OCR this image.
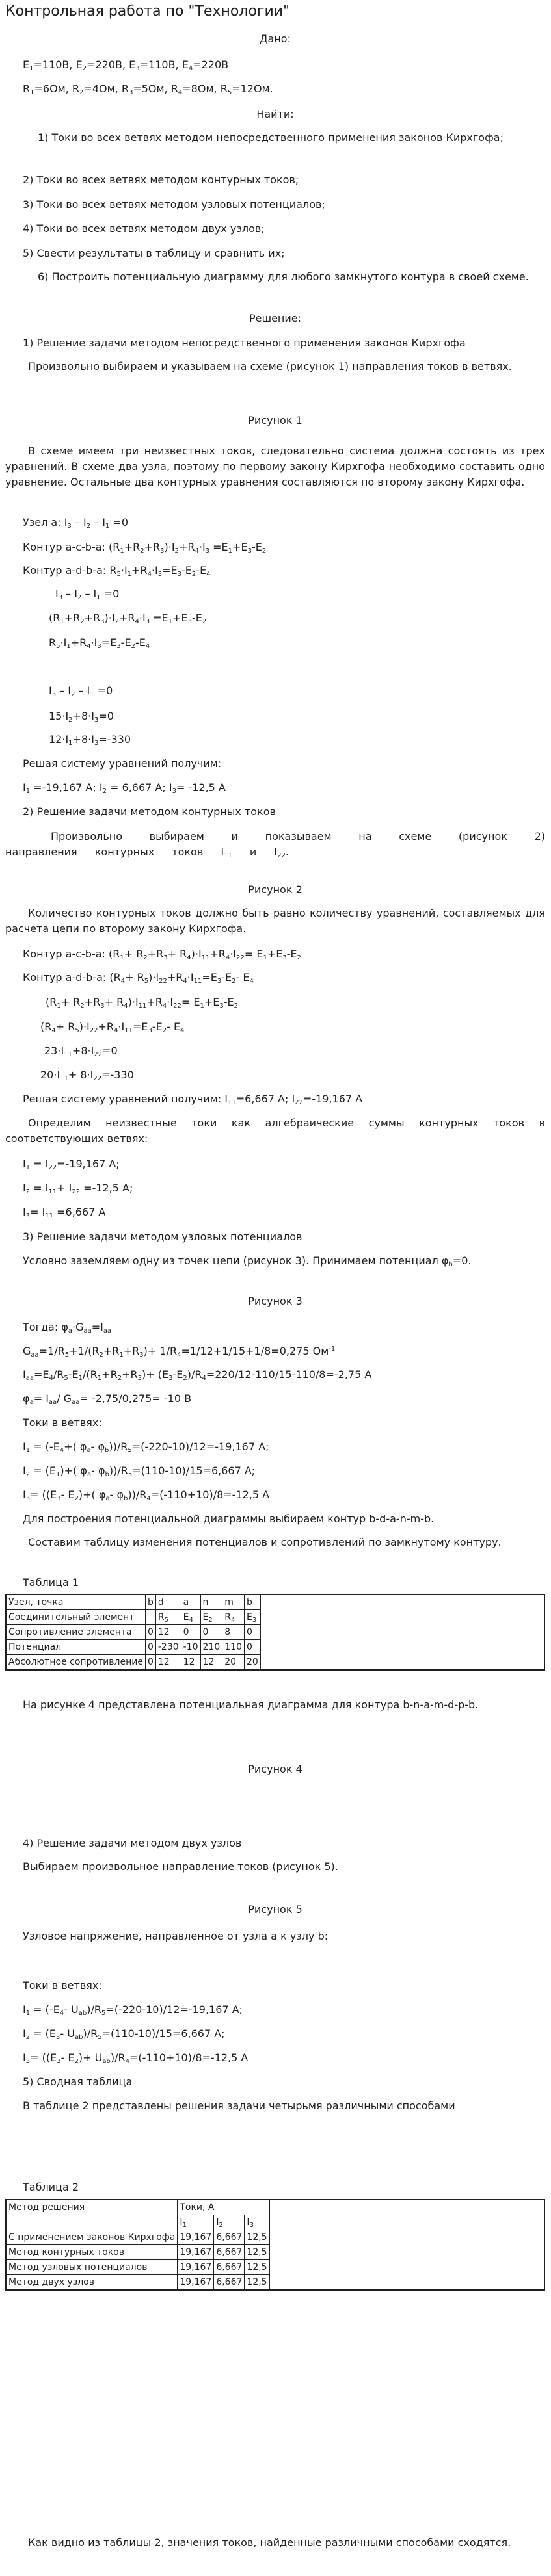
Контрольная работа по "Технологии"
Дано:
$E_1=110В$, $E_2=220В$, $E_3=110В$, $E_4=220В$
$R_1=6Ом$, $R_2=4Ом$, $R_3=5Ом$, $R_4=8Ом$, $R_5=12Ом$.
Найти:
1) Токи во всех ветвях методом непосредственного применения законов Кирхгофа;
2) Токи во всех ветвях методом контурных токов;
3) Токи во всех ветвях методом узловых потенциалов;
4) Токи во всех ветвях методом двух узлов;
5) Свести результаты в таблицу и сравнить их;
6) Построить потенциальную диаграмму для любого замкнутого контура в своей схеме.
Решение:
1) Решение задачи методом непосредственного применения законов Кирхгофа
Произвольно выбираем и указываем на схеме (рисунок 1) направления токов в ветвях.
Рисунок 1
В схеме имеем три неизвестных токов, следовательно система должна состоять из трех уравнений. В схеме два узла, поэтому по первому закону Кирхгофа необходимо составить одно уравнение. Остальные два контурных уравнения составляются по второму закону Кирхгофа.
Узел а: $I_3 - I_2 - I_1 =0$
Контур a-c-b-a: $(R_1+R_2+R_3)\cdot I_2+R_4\cdot I_3 =E_1+E_3-E_2$
Контур a-d-b-a: $R_5\cdot I_1+R_4\cdot I_3=E_3-E_2-E_4$
$I_3 - I_2 - I_1 =0$
$(R_1+R_2+R_3)\cdot I_2+R_4\cdot I_3 =E_1+E_3-E_2$
$R_5\cdot I_1+R_4\cdot I_3=E_3-E_2-E_4$
$I_3 - I_2 - I_1 =0$
$15\cdot I_2+8\cdot I_3=0$
$12\cdot I_1+8\cdot I_3=-330$
Решая систему уравнений получим:
$I_1 =-19,167$ A; $I_2 = 6,667$ A; $I_3= -12,5$ A
2) Решение задачи методом контурных токов
Произвольно выбираем и показываем на схеме (рисунок 2) направления контурных токов $I_{11}$ и $I_{22}$.
Рисунок 2
Количество контурных токов должно быть равно количеству уравнений, составляемых для расчета цепи по второму закону Кирхгофа.
Контур a-c-b-a: $(R_1+ R_2+R_3+ R_4)\cdot I_{11}+R_4\cdot I_{22}= E_1+E_3-E_2$
Контур a-d-b-a: $(R_4+ R_5)\cdot I_{22}+R_4\cdot I_{11}=E_3-E_2-$ $E_4$
$(R_1+ R_2+R_3+ R_4)\cdot I_{11}+R_4\cdot I_{22}= E_1+E_3-E_2$
$(R_4+ R_5)\cdot I_{22}+R_4\cdot I_{11}=E_3-E_2-$ $E_4$
$23\cdot I_{11}+8\cdot I_{22}=0$
$20\cdot I_{11}+ 8\cdot I_{22}=-330$
Решая систему уравнений получим: $I_{11}=6,667$ A; $I_{22}=-19,167$ A
Определим неизвестные токи как алгебраические суммы контурных токов в соответствующих ветвях:
$I_1 = I_{22}=-19,167$ A;
$I_2 = I_{11}+ I_{22} =-12,5$ A;
$I_3= I_{11} =6,667$ A
3) Решение задачи методом узловых потенциалов
Условно заземляем одну из точек цепи (рисунок 3). Принимаем потенциал $\varphi_b=0$.
Рисунок 3
Тогда: $\varphi_a\cdot G_{aa}=I_{aa}$
$G_{aa}=1/R_5+1/(R_2+R_1+R_3)+ 1/R_4=1/12+1/15+1/8=0,275$ $Ом^{-1}$
$I_{aa}=E_4/R_5-E_1/(R_1+R_2+R_3)+ (E_3-E_2)/R_4=220/12-110/15-110/8=-2,75$ A
$\varphi_a= I_{aa}/$ $G_{aa}= -2,75/0,275= -10$ В
Токи в ветвях:
$I_1 = (-E_4+$( $\varphi_a-$ $\varphi_b))/R_5=(-220-10)/12=-19,167$ A;
$I_2 = (E_1)+$( $\varphi_a-$ $\varphi_b))/R_5=(110-10)/15=6,667$ A;
$I_3= ((E_3-$ $E_2)+$( $\varphi_a-$ $\varphi_b))/R_4=(-110+10)/8=-12,5$ A
Для построения потенциальной диаграммы выбираем контур b-d-a-n-m-b.
Составим таблицу изменения потенциалов и сопротивлений по замкнутому контуру.
Таблица 1
Узел, точка	b	d	a	n	m	b	
Соединительный элемент		$R_5$	$E_4$	$E_2$	$R_4$	$E_3$	
Сопротивление элемента	0	12	0	0	8	0	
Потенциал	0	-230	-10	210	110	0	
Абсолютное сопротивление	0	12	12	12	20	20	
На рисунке 4 представлена потенциальная диаграмма для контура b-n-a-m-d-p-b.
Рисунок 4
4) Решение задачи методом двух узлов
Выбираем произвольное направление токов (рисунок 5).
Рисунок 5
Узловое напряжение, направленное от узла a к узлу b:
Токи в ветвях:
$I_1 = (-E_4-$ $U_{ab})/R_5=(-220-10)/12=-19,167$ A;
$I_2 = (E_3-$ $U_{ab})/R_5=(110-10)/15=6,667$ A;
$I_3= ((E_3-$ $E_2)+ U_{ab})/R_4=(-110+10)/8=-12,5$ A
5) Сводная таблица
В таблице 2 представлены решения задачи четырьмя различными способами
Таблица 2
Метод решения	Токи, А			
	$I_1$	$I_2$	$I_3$
С применением законов Кирхгофа	19,167	6,667	12,5	
Метод контурных токов	19,167	6,667	12,5	
Метод узловых потенциалов	19,167	6,667	12,5	
Метод двух узлов	19,167	6,667	12,5	
Как видно из таблицы 2, значения токов, найденные различными способами сходятся.
